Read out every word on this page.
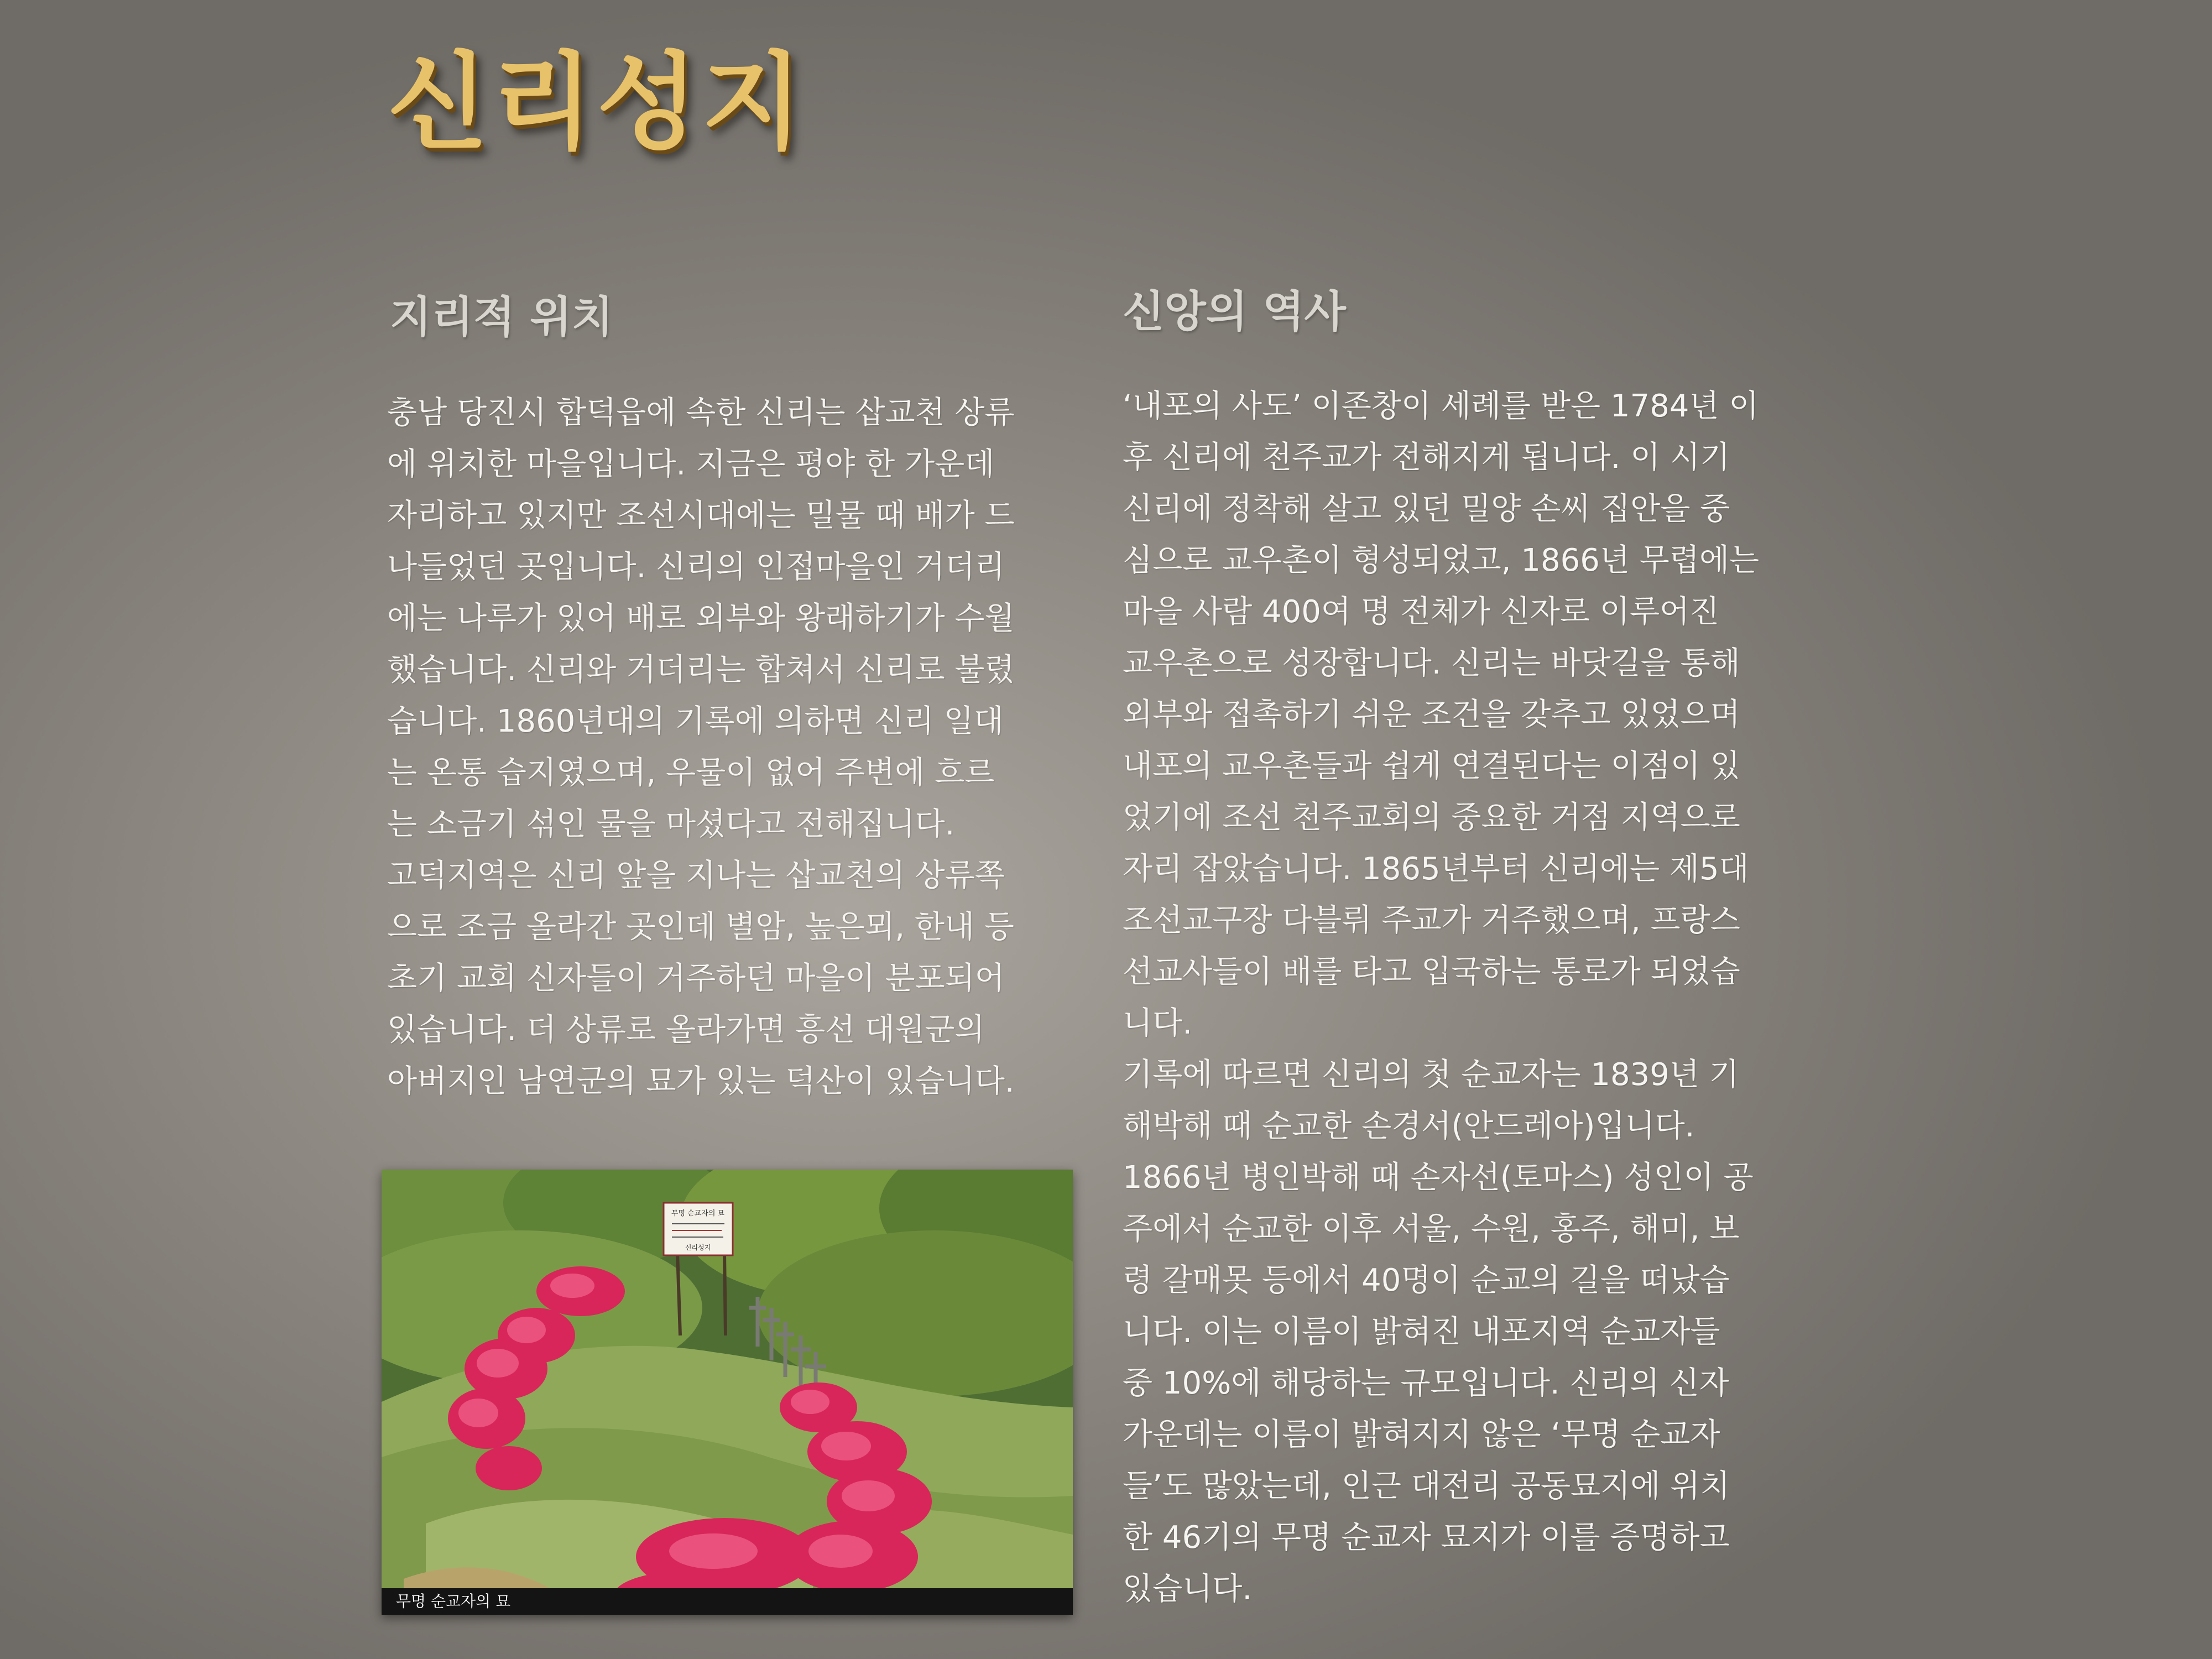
신리성지
지리적 위치	신앙의 역사

충남 당진시 합덕읍에 속한 신리는 삽교천 상류
에 위치한 마을입니다. 지금은 평야 한 가운데
자리하고 있지만 조선시대에는 밀물 때 배가 드
나들었던 곳입니다. 신리의 인접마을인 거더리
에는 나루가 있어 배로 외부와 왕래하기가 수월
했습니다. 신리와 거더리는 합쳐서 신리로 불렸
습니다. 1860년대의 기록에 의하면 신리 일대
는 온통 습지였으며, 우물이 없어 주변에 흐르
는 소금기 섞인 물을 마셨다고 전해집니다.

고덕지역은 신리 앞을 지나는 삽교천의 상류쪽
으로 조금 올라간 곳인데 별암, 높은뫼, 한내 등
초기 교회 신자들이 거주하던 마을이 분포되어
있습니다. 더 상류로 올라가면 흥선 대원군의
아버지인 남연군의 묘가 있는 덕산이 있습니다.

‘내포의 사도’ 이존창이 세례를 받은 1784년 이
후 신리에 천주교가 전해지게 됩니다. 이 시기
신리에 정착해 살고 있던 밀양 손씨 집안을 중
심으로 교우촌이 형성되었고, 1866년 무렵에는
마을 사람 400여 명 전체가 신자로 이루어진
교우촌으로 성장합니다. 신리는 바닷길을 통해
외부와 접촉하기 쉬운 조건을 갖추고 있었으며
내포의 교우촌들과 쉽게 연결된다는 이점이 있
었기에 조선 천주교회의 중요한 거점 지역으로
자리 잡았습니다. 1865년부터 신리에는 제5대
조선교구장 다블뤼 주교가 거주했으며, 프랑스
선교사들이 배를 타고 입국하는 통로가 되었습
니다.

기록에 따르면 신리의 첫 순교자는 1839년 기
해박해 때 순교한 손경서(안드레아)입니다.
1866년 병인박해 때 손자선(토마스) 성인이 공
주에서 순교한 이후 서울, 수원, 홍주, 해미, 보
령 갈매못 등에서 40명이 순교의 길을 떠났습
니다. 이는 이름이 밝혀진 내포지역 순교자들
중 10%에 해당하는 규모입니다. 신리의 신자
가운데는 이름이 밝혀지지 않은 ‘무명 순교자
들’도 많았는데, 인근 대전리 공동묘지에 위치
한 46기의 무명 순교자 묘지가 이를 증명하고
있습니다.

무명 순교자의 묘
신리성지
무명 순교자의 묘
